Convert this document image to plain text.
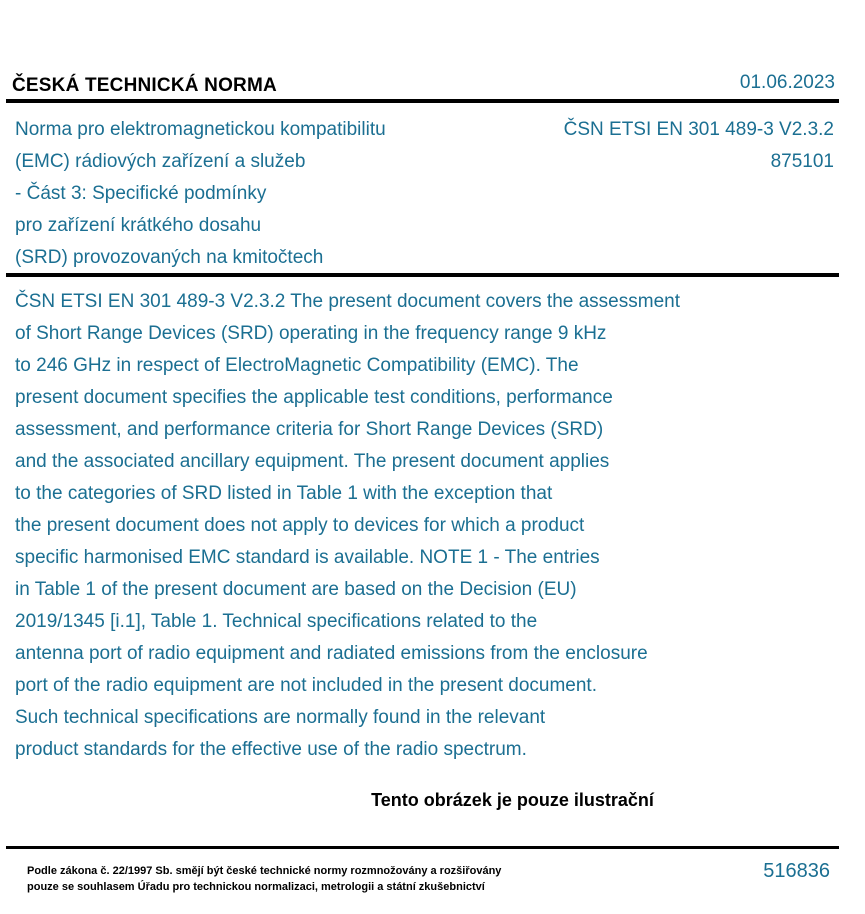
ČESKÁ TECHNICKÁ NORMA	01.06.2023
Norma pro elektromagnetickou kompatibilitu
(EMC) rádiových zařízení a služeb
- Část 3: Specifické podmínky
pro zařízení krátkého dosahu
(SRD) provozovaných na kmitočtech
ČSN ETSI EN 301 489-3 V2.3.2
875101
ČSN ETSI EN 301 489-3 V2.3.2 The present document covers the assessment
of Short Range Devices (SRD) operating in the frequency range 9 kHz
to 246 GHz in respect of ElectroMagnetic Compatibility (EMC). The
present document specifies the applicable test conditions, performance
assessment, and performance criteria for Short Range Devices (SRD)
and the associated ancillary equipment. The present document applies
to the categories of SRD listed in Table 1 with the exception that
the present document does not apply to devices for which a product
specific harmonised EMC standard is available. NOTE 1 - The entries
in Table 1 of the present document are based on the Decision (EU)
2019/1345 [i.1], Table 1. Technical specifications related to the
antenna port of radio equipment and radiated emissions from the enclosure
port of the radio equipment are not included in the present document.
Such technical specifications are normally found in the relevant
product standards for the effective use of the radio spectrum.
Tento obrázek je pouze ilustrační
Podle zákona č. 22/1997 Sb. smějí být české technické normy rozmnožovány a rozšiřovány
pouze se souhlasem Úřadu pro technickou normalizaci, metrologii a státní zkušebnictví
516836
